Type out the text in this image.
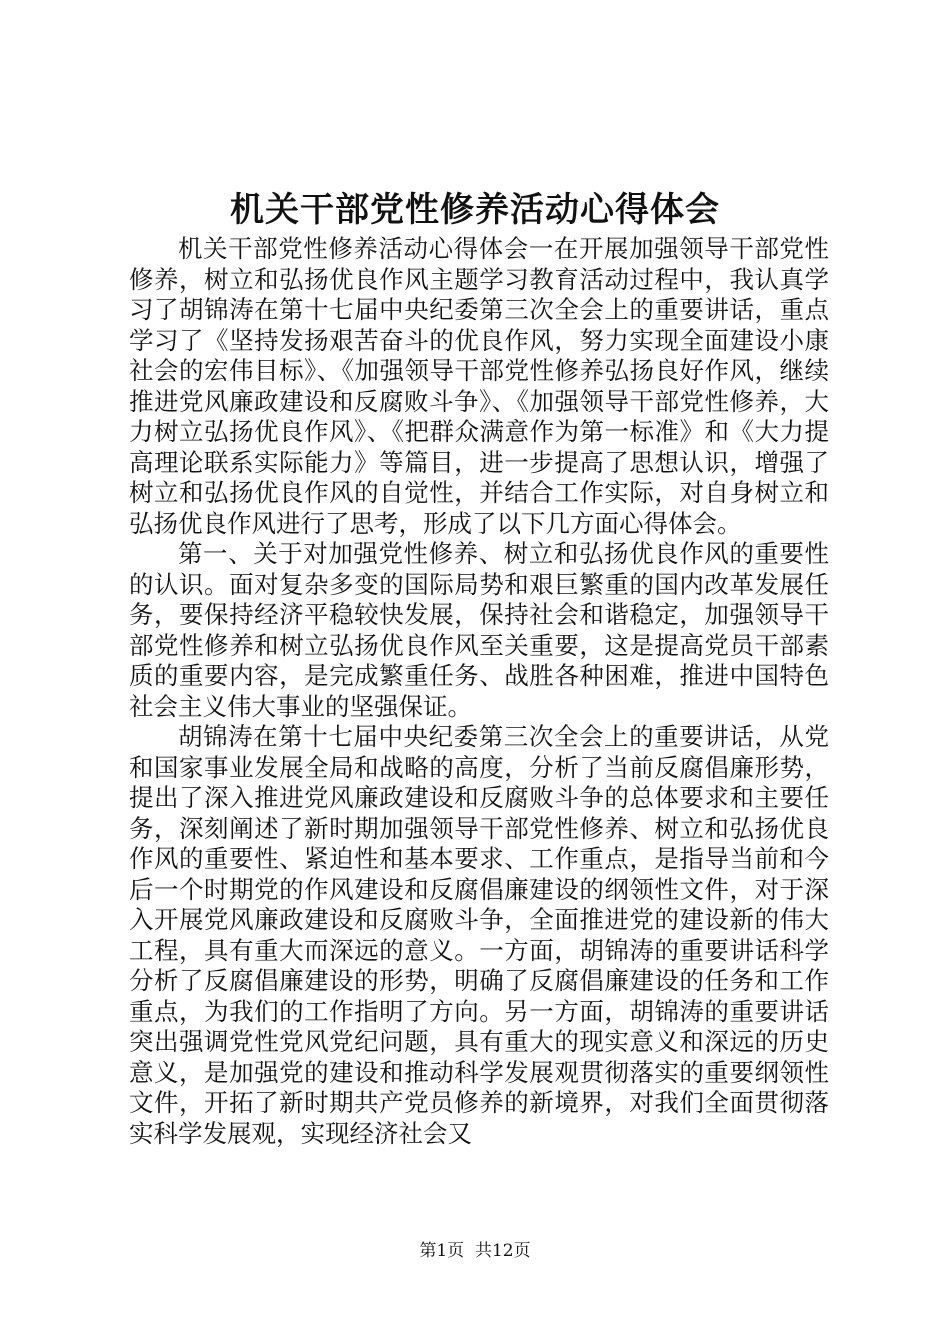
机关干部党性修养活动心得体会

机关干部党性修养活动心得体会一在开展加强领导干部党性修养，树立和弘扬优良作风主题学习教育活动过程中，我认真学习了胡锦涛在第十七届中央纪委第三次全会上的重要讲话，重点学习了《坚持发扬艰苦奋斗的优良作风，努力实现全面建设小康社会的宏伟目标》、《加强领导干部党性修养弘扬良好作风，继续推进党风廉政建设和反腐败斗争》、《加强领导干部党性修养，大力树立弘扬优良作风》、《把群众满意作为第一标准》和《大力提高理论联系实际能力》等篇目，进一步提高了思想认识，增强了树立和弘扬优良作风的自觉性，并结合工作实际，对自身树立和弘扬优良作风进行了思考，形成了以下几方面心得体会。

第一、关于对加强党性修养、树立和弘扬优良作风的重要性的认识。面对复杂多变的国际局势和艰巨繁重的国内改革发展任务，要保持经济平稳较快发展，保持社会和谐稳定，加强领导干部党性修养和树立弘扬优良作风至关重要，这是提高党员干部素质的重要内容，是完成繁重任务、战胜各种困难，推进中国特色社会主义伟大事业的坚强保证。

胡锦涛在第十七届中央纪委第三次全会上的重要讲话，从党和国家事业发展全局和战略的高度，分析了当前反腐倡廉形势，提出了深入推进党风廉政建设和反腐败斗争的总体要求和主要任务，深刻阐述了新时期加强领导干部党性修养、树立和弘扬优良作风的重要性、紧迫性和基本要求、工作重点，是指导当前和今后一个时期党的作风建设和反腐倡廉建设的纲领性文件，对于深入开展党风廉政建设和反腐败斗争，全面推进党的建设新的伟大工程，具有重大而深远的意义。一方面，胡锦涛的重要讲话科学分析了反腐倡廉建设的形势，明确了反腐倡廉建设的任务和工作重点，为我们的工作指明了方向。另一方面，胡锦涛的重要讲话突出强调党性党风党纪问题，具有重大的现实意义和深远的历史意义，是加强党的建设和推动科学发展观贯彻落实的重要纲领性文件，开拓了新时期共产党员修养的新境界，对我们全面贯彻落实科学发展观，实现经济社会又

第1页  共12页
